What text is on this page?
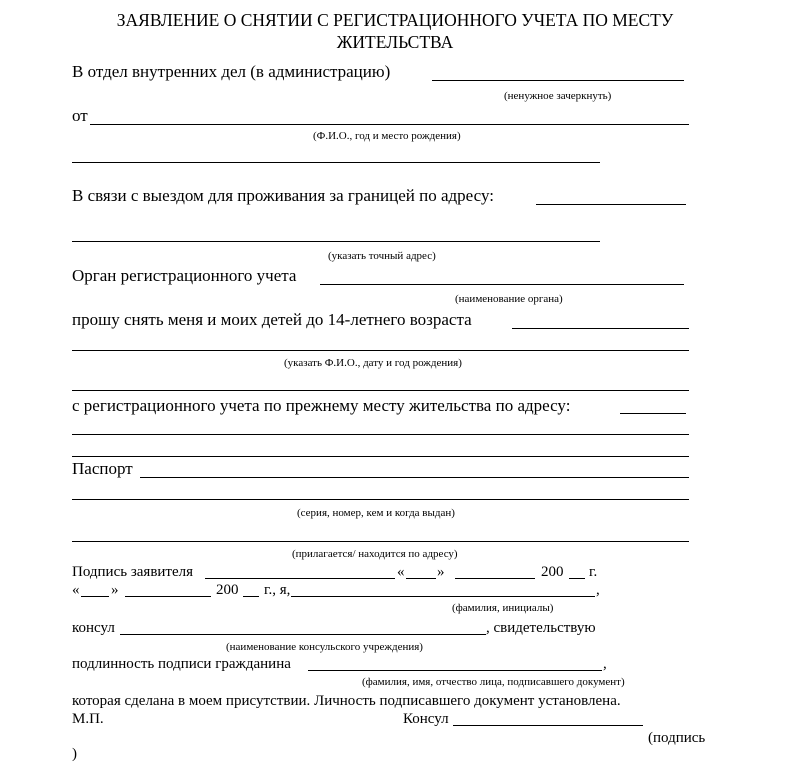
ЗАЯВЛЕНИЕ О СНЯТИИ С РЕГИСТРАЦИОННОГО УЧЕТА ПО МЕСТУ
ЖИТЕЛЬСТВА
В отдел внутренних дел (в администрацию)
(ненужное зачеркнуть)
от
(Ф.И.О., год и место рождения)
В связи с выездом для проживания за границей по адресу:
(указать точный адрес)
Орган регистрационного учета
(наименование органа)
прошу снять меня и моих детей до 14-летнего возраста
(указать Ф.И.О., дату и год рождения)
с регистрационного учета по прежнему месту жительства по адресу:
Паспорт
(серия, номер, кем и когда выдан)
(прилагается/ находится по адресу)
Подпись заявителя	« »	200 г.
« »	200 г., я,	,
(фамилия, инициалы)
консул	, свидетельствую
(наименование консульского учреждения)
подлинность подписи гражданина	,
(фамилия, имя, отчество лица, подписавшего документ)
которая сделана в моем присутствии. Личность подписавшего документ установлена.
М.П.	Консул
(подпись
)
